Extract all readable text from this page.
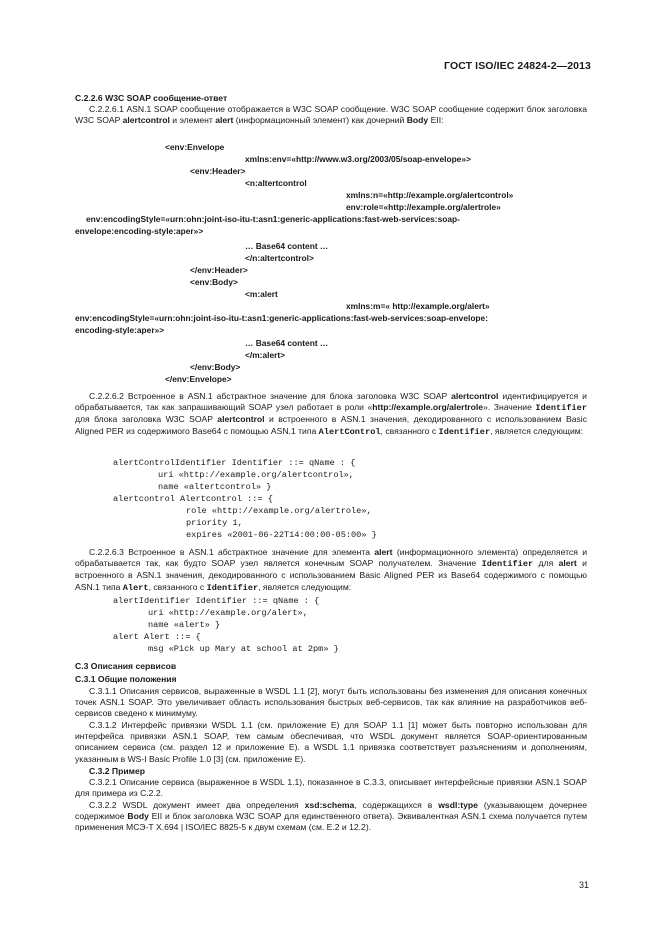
ГОСТ ISO/IEC 24824-2—2013
С.2.2.6 W3C SOAP сообщение-ответ
С.2.2.6.1 ASN.1 SOAP сообщение отображается в W3C SOAP сообщение. W3C SOAP сообщение содержит блок заголовка W3C SOAP alertcontrol и элемент alert (информационный элемент) как дочерний Body EII:
<env:Envelope
xmlns:env=«http://www.w3.org/2003/05/soap-envelope»>
<env:Header>
<n:altertcontrol
xmlns:n=«http://example.org/alertcontrol»
env:role=«http://example.org/alertrole»
env:encodingStyle=«urn:ohn:joint-iso-itu-t:asn1:generic-applications:fast-web-services:soap-
envelope:encoding-style:aper»>
… Base64 content …
</n:altertcontrol>
</env:Header>
<env:Body>
<m:alert
xmlns:m=« http://example.org/alert»
env:encodingStyle=«urn:ohn:joint-iso-itu-t:asn1:generic-applications:fast-web-services:soap-envelope:
encoding-style:aper»>
… Base64 content …
</m:alert>
</env:Body>
</env:Envelope>
С.2.2.6.2 Встроенное в ASN.1 абстрактное значение для блока заголовка W3C SOAP alertcontrol идентифицируется и обрабатывается, так как запрашивающий SOAP узел работает в роли «http://example.org/alertrole». Значение Identifier для блока заголовка W3C SOAP alertcontrol и встроенного в ASN.1 значения, декодированного с использованием Basic Aligned PER из содержимого Base64 с помощью ASN.1 типа AlertControl, связанного с Identifier, является следующим:
alertControlIdentifier Identifier ::= qName : {
uri «http://example.org/alertcontrol»,
name «altertcontrol» }
alertcontrol Alertcontrol ::= {
role «http://example.org/alertrole»,
priority 1,
expires «2001-06-22T14:00:00-05:00» }
С.2.2.6.3 Встроенное в ASN.1 абстрактное значение для элемента alert (информационного элемента) определяется и обрабатывается так, как будто SOAP узел является конечным SOAP получателем. Значение Identifier для alert и встроенного в ASN.1 значения, декодированного с использованием Basic Aligned PER из Base64 содержимого с помощью ASN.1 типа Alert, связанного с Identifier, является следующим:
alertIdentifier Identifier ::= qName : {
uri «http://example.org/alert»,
name «alert» }
alert Alert ::= {
msg «Pick up Mary at school at 2pm» }
С.3 Описания сервисов
С.3.1 Общие положения
С.3.1.1 Описания сервисов, выраженные в WSDL 1.1 [2], могут быть использованы без изменения для описания конечных точек ASN.1 SOAP. Это увеличивает область использования быстрых веб-сервисов, так как влияние на разработчиков веб-сервисов сведено к минимуму.
С.3.1.2 Интерфейс привязки WSDL 1.1 (см. приложение Е) для SOAP 1.1 [1] может быть повторно использован для интерфейса привязки ASN.1 SOAP, тем самым обеспечивая, что WSDL документ является SOAP-ориентированным описанием сервиса (см. раздел 12 и приложение Е). а WSDL 1.1 привязка соответствует разъяснениям и дополнениям, указанным в WS-I Basic Profile 1.0 [3] (см. приложение Е).
С.3.2 Пример
С.3.2.1 Описание сервиса (выраженное в WSDL 1.1), показанное в С.3.3, описывает интерфейсные привязки ASN.1 SOAP для примера из С.2.2.
С.3.2.2 WSDL документ имеет два определения xsd:schema, содержащихся в wsdl:type (указывающем дочернее содержимое Body EII и блок заголовка W3C SOAP для единственного ответа). Эквивалентная ASN.1 схема получается путем применения МСЭ-Т X.694 | ISO/IEC 8825-5 к двум схемам (см. Е.2 и 12.2).
31
